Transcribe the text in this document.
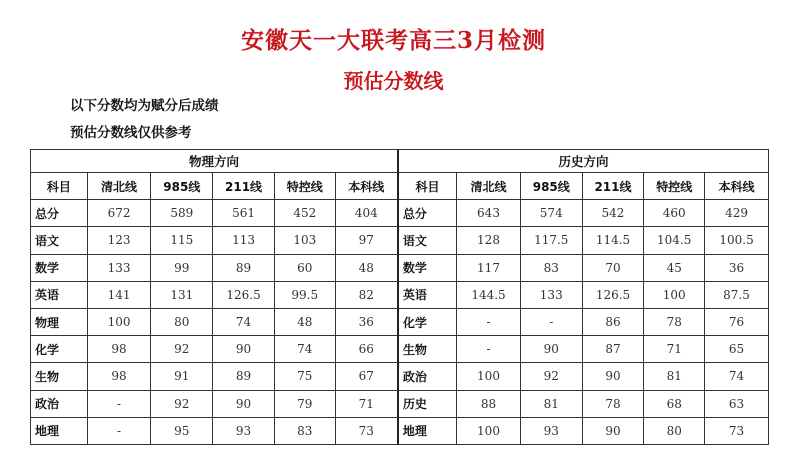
安徽天一大联考高三3月检测
预估分数线
以下分数均为赋分后成绩
预估分数线仅供参考
物理方向						历史方向					
科目	清北线	985线	211线	特控线	本科线	科目	清北线	985线	211线	特控线	本科线
总分	672	589	561	452	404	总分	643	574	542	460	429
语文	123	115	113	103	97	语文	128	117.5	114.5	104.5	100.5
数学	133	99	89	60	48	数学	117	83	70	45	36
英语	141	131	126.5	99.5	82	英语	144.5	133	126.5	100	87.5
物理	100	80	74	48	36	化学	-	-	86	78	76
化学	98	92	90	74	66	生物	-	90	87	71	65
生物	98	91	89	75	67	政治	100	92	90	81	74
政治	-	92	90	79	71	历史	88	81	78	68	63
地理	-	95	93	83	73	地理	100	93	90	80	73
